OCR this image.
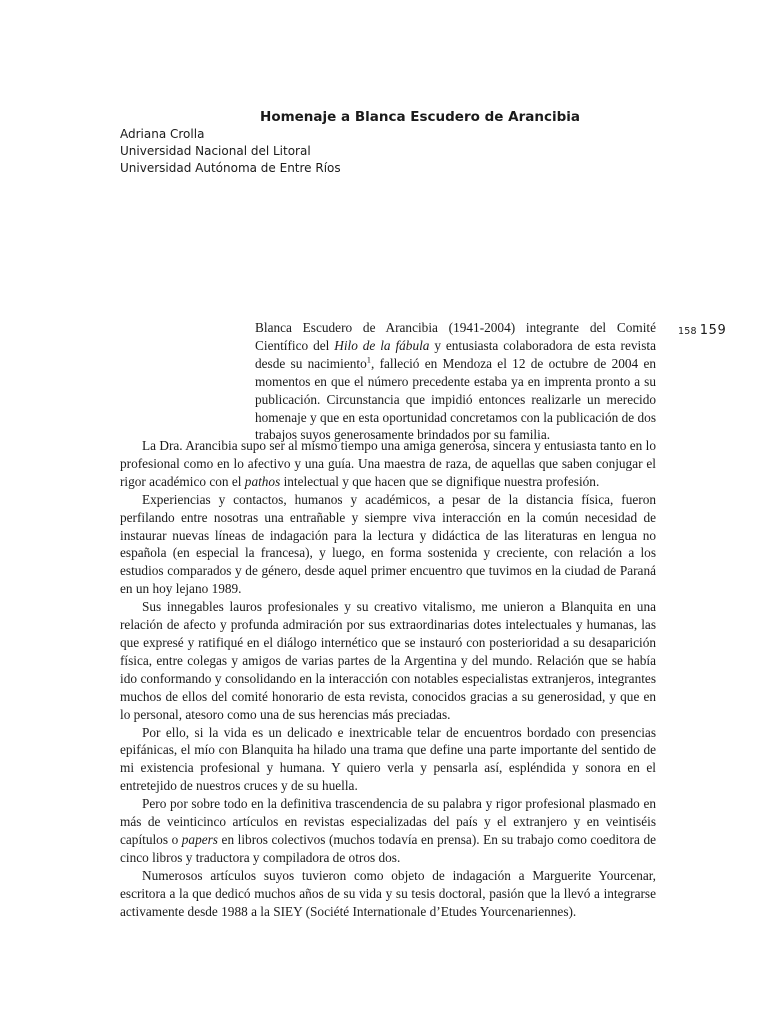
Homenaje a Blanca Escudero de Arancibia
Adriana Crolla
Universidad Nacional del Litoral
Universidad Autónoma de Entre Ríos
158 159

Blanca Escudero de Arancibia (1941-2004) integrante del Comité Científico del Hilo de la fábula y entusiasta colaboradora de esta revista desde su nacimiento$^1$, falleció en Mendoza el 12 de octubre de 2004 en momentos en que el número precedente estaba ya en imprenta pronto a su publicación. Circunstancia que impidió entonces realizarle un merecido homenaje y que en esta oportunidad concretamos con la publicación de dos trabajos suyos generosamente brindados por su familia.

La Dra. Arancibia supo ser al mismo tiempo una amiga generosa, sincera y entusiasta tanto en lo profesional como en lo afectivo y una guía. Una maestra de raza, de aquellas que saben conjugar el rigor académico con el pathos intelectual y que hacen que se dignifique nuestra profesión.

Experiencias y contactos, humanos y académicos, a pesar de la distancia física, fueron perfilando entre nosotras una entrañable y siempre viva interacción en la común necesidad de instaurar nuevas líneas de indagación para la lectura y didáctica de las literaturas en lengua no española (en especial la francesa), y luego, en forma sostenida y creciente, con relación a los estudios comparados y de género, desde aquel primer encuentro que tuvimos en la ciudad de Paraná en un hoy lejano 1989.

Sus innegables lauros profesionales y su creativo vitalismo, me unieron a Blanquita en una relación de afecto y profunda admiración por sus extraordinarias dotes intelectuales y humanas, las que expresé y ratifiqué en el diálogo internético que se instauró con posterioridad a su desaparición física, entre colegas y amigos de varias partes de la Argentina y del mundo. Relación que se había ido conformando y consolidando en la interacción con notables especialistas extranjeros, integrantes muchos de ellos del comité honorario de esta revista, conocidos gracias a su generosidad, y que en lo personal, atesoro como una de sus herencias más preciadas.

Por ello, si la vida es un delicado e inextricable telar de encuentros bordado con presencias epifánicas, el mío con Blanquita ha hilado una trama que define una parte importante del sentido de mi existencia profesional y humana. Y quiero verla y pensarla así, espléndida y sonora en el entretejido de nuestros cruces y de su huella.

Pero por sobre todo en la definitiva trascendencia de su palabra y rigor profesional plasmado en más de veinticinco artículos en revistas especializadas del país y el extranjero y en veintiséis capítulos o papers en libros colectivos (muchos todavía en prensa). En su trabajo como coeditora de cinco libros y traductora y compiladora de otros dos.

Numerosos artículos suyos tuvieron como objeto de indagación a Marguerite Yourcenar, escritora a la que dedicó muchos años de su vida y su tesis doctoral, pasión que la llevó a integrarse activamente desde 1988 a la SIEY (Société Internationale d’Etudes Yourcenariennes).
